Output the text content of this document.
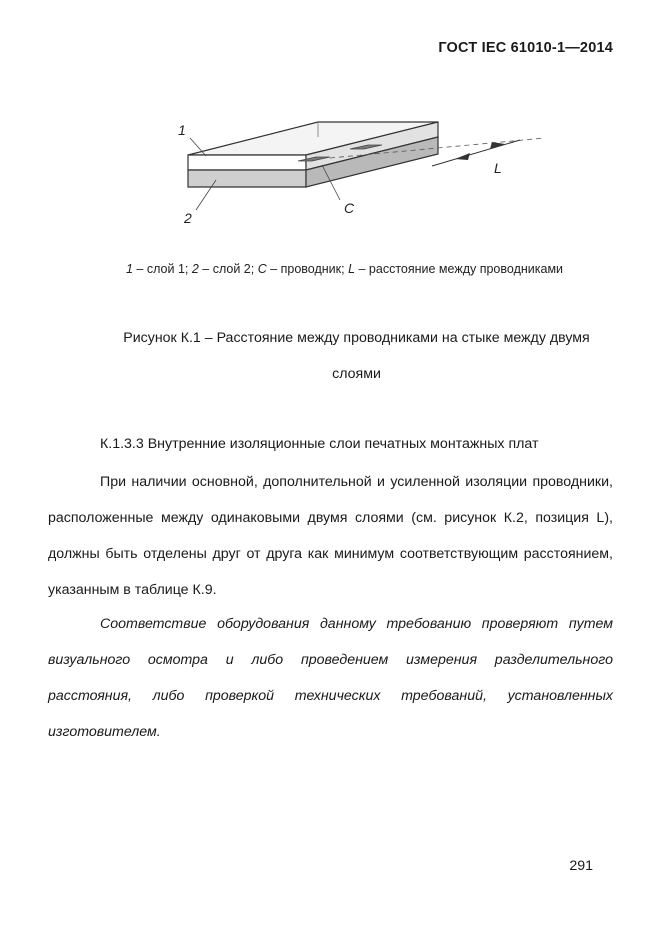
ГОСТ IEC 61010-1—2014
1
2
C
L
1 – слой 1; 2 – слой 2; C – проводник; L – расстояние между проводниками
Рисунок К.1 – Расстояние между проводниками на стыке между двумя
слоями
К.1.3.3 Внутренние изоляционные слои печатных монтажных плат
При наличии основной, дополнительной и усиленной изоляции проводники, расположенные между одинаковыми двумя слоями (см. рисунок К.2, позиция L), должны быть отделены друг от друга как минимум соответствующим расстоянием, указанным в таблице К.9.
Соответствие оборудования данному требованию проверяют путем визуального осмотра и либо проведением измерения разделительного расстояния, либо проверкой технических требований, установленных изготовителем.
291
